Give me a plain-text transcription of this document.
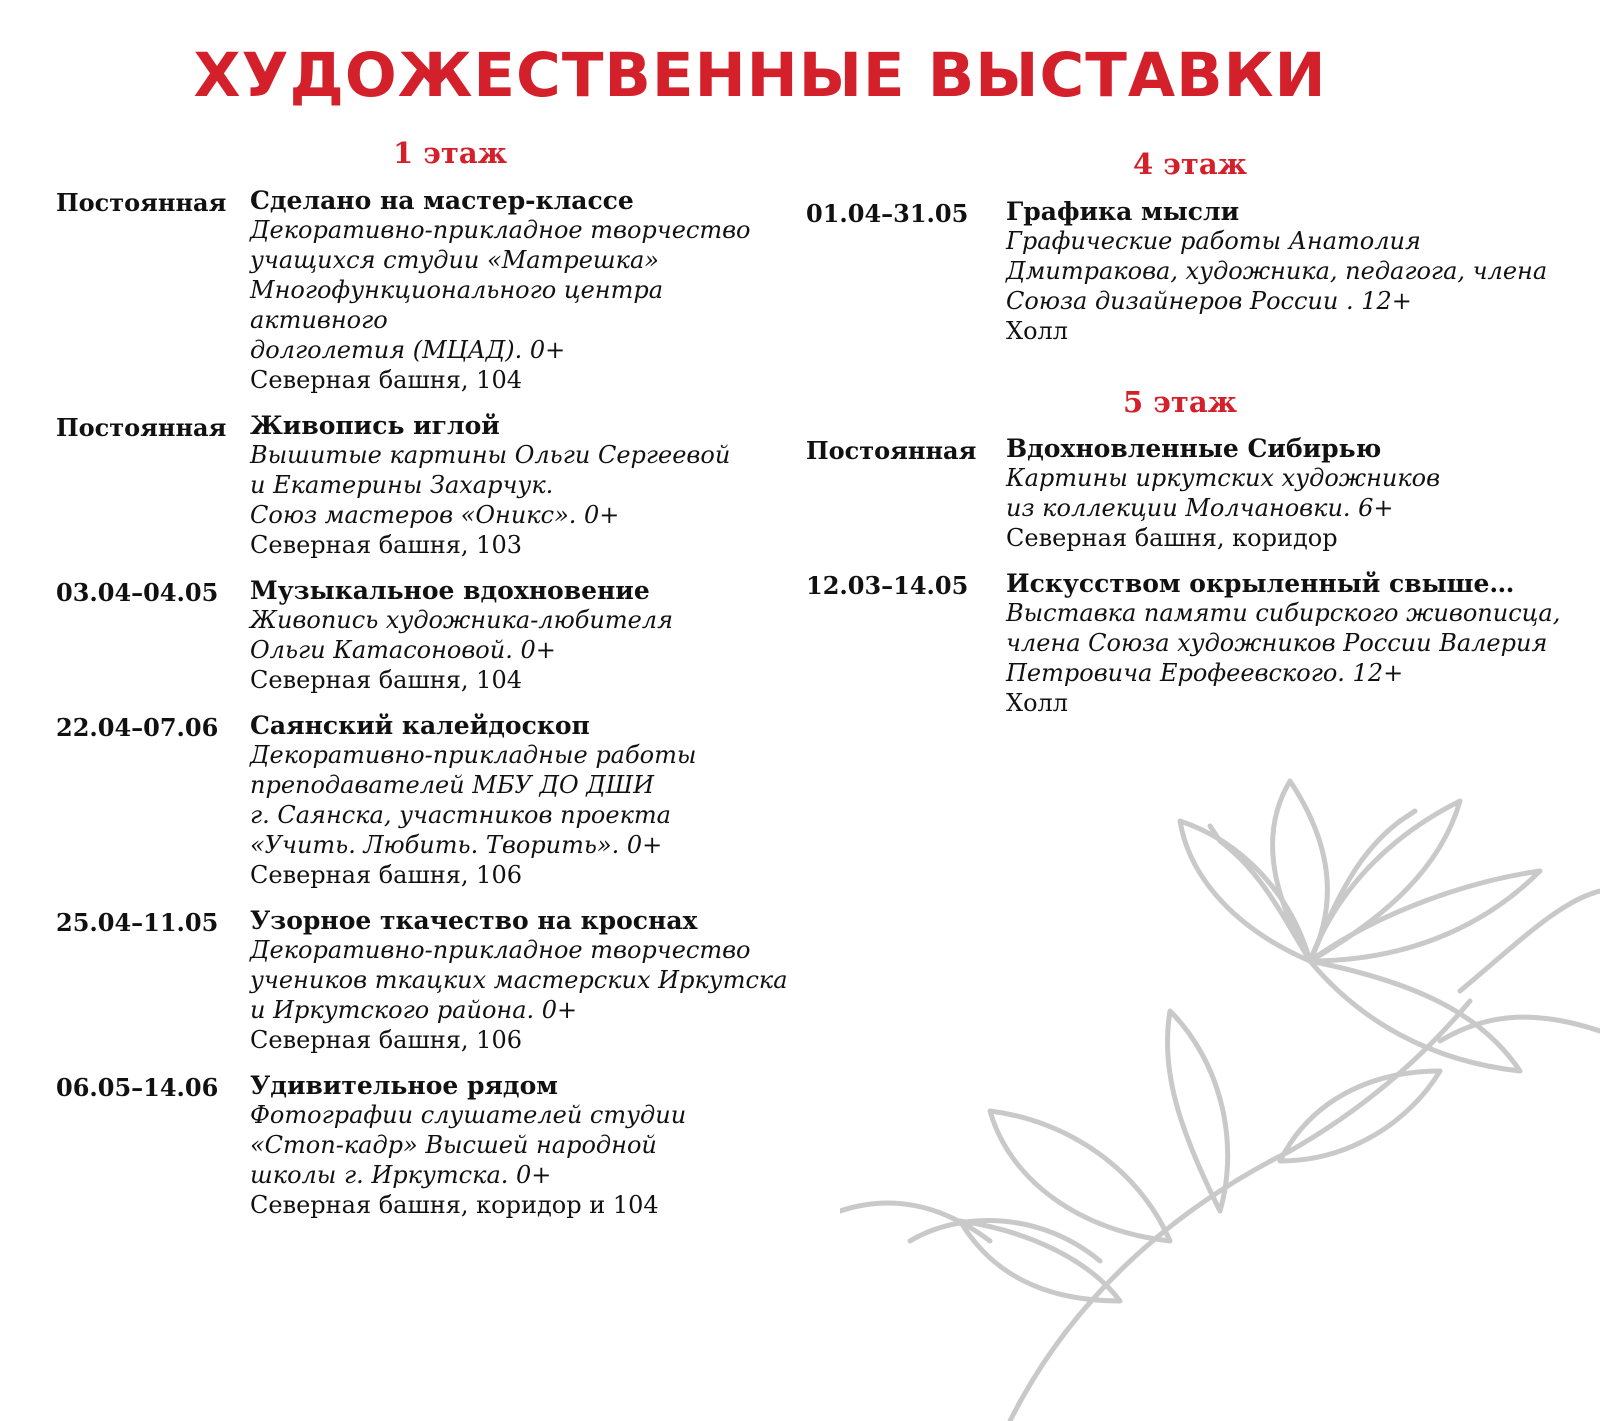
ХУДОЖЕСТВЕННЫЕ ВЫСТАВКИ
1 этаж
Постоянная Сделано на мастер-классе
Декоративно-прикладное творчество
учащихся студии «Матрешка»
Многофункционального центра активного
долголетия (МЦАД). 0+
Северная башня, 104
Постоянная Живопись иглой
Вышитые картины Ольги Сергеевой
и Екатерины Захарчук.
Союз мастеров «Оникс». 0+
Северная башня, 103
03.04–04.05	Музыкальное вдохновение
Живопись художника-любителя
Ольги Катасоновой. 0+
Северная башня, 104
22.04–07.06	Саянский калейдоскоп
Декоративно-прикладные работы
преподавателей МБУ ДО ДШИ
г. Саянска, участников проекта
«Учить. Любить. Творить». 0+
Северная башня, 106
25.04–11.05	Узорное ткачество на кроснах
Декоративно-прикладное творчество
учеников ткацких мастерских Иркутска
и Иркутского района. 0+
Северная башня, 106
06.05–14.06	Удивительное рядом
Фотографии слушателей студии
«Стоп-кадр» Высшей народной
школы г. Иркутска. 0+
Северная башня, коридор и 104
4 этаж
01.04–31.05	Графика мысли
Графические работы Анатолия
Дмитракова, художника, педагога, члена
Союза дизайнеров России . 12+
Холл
5 этаж
Постоянная	Вдохновленные Сибирью
Картины иркутских художников
из коллекции Молчановки. 6+
Северная башня, коридор
12.03–14.05	Искусством окрыленный свыше…
Выставка памяти сибирского живописца,
члена Союза художников России Валерия
Петровича Ерофеевского. 12+
Холл
